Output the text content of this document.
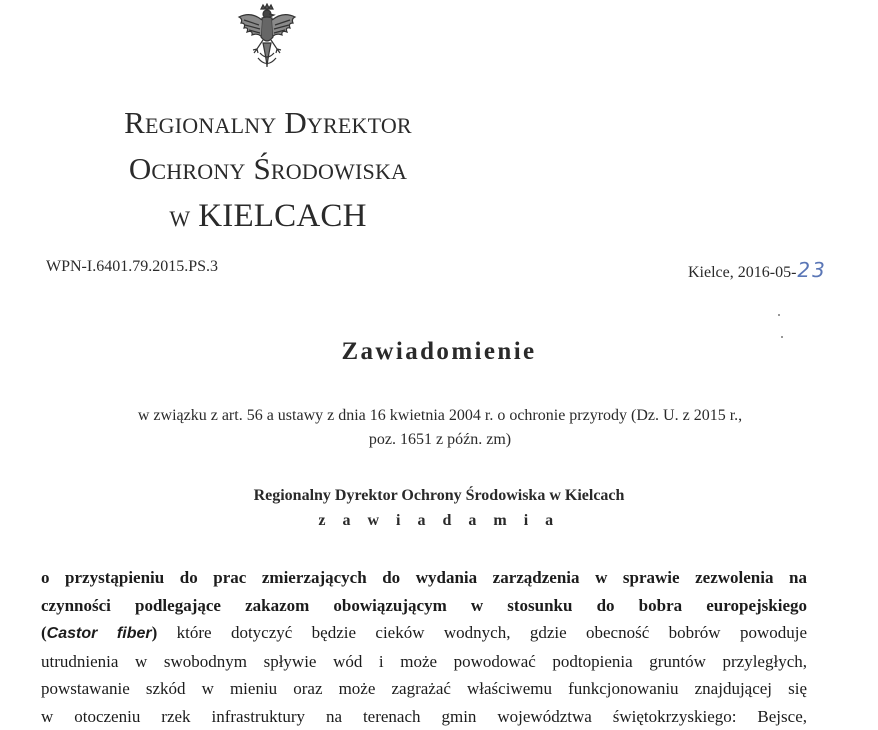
Regionalny Dyrektor
Ochrony Środowiska
w KIELCACH
WPN-I.6401.79.2015.PS.3	Kielce, 2016-05-23
Zawiadomienie
w związku z art. 56 a ustawy z dnia 16 kwietnia 2004 r. o ochronie przyrody (Dz. U. z 2015 r.,
poz. 1651 z późn. zm)
Regionalny Dyrektor Ochrony Środowiska w Kielcach
z a w i a d a m i a
o przystąpieniu do prac zmierzających do wydania zarządzenia w sprawie zezwolenia na
czynności podlegające zakazom obowiązującym w stosunku do bobra europejskiego
(Castor fiber) które dotyczyć będzie cieków wodnych, gdzie obecność bobrów powoduje
utrudnienia w swobodnym spływie wód i może powodować podtopienia gruntów przyległych,
powstawanie szkód w mieniu oraz może zagrażać właściwemu funkcjonowaniu znajdującej się
w otoczeniu rzek infrastruktury na terenach gmin województwa świętokrzyskiego: Bejsce,
